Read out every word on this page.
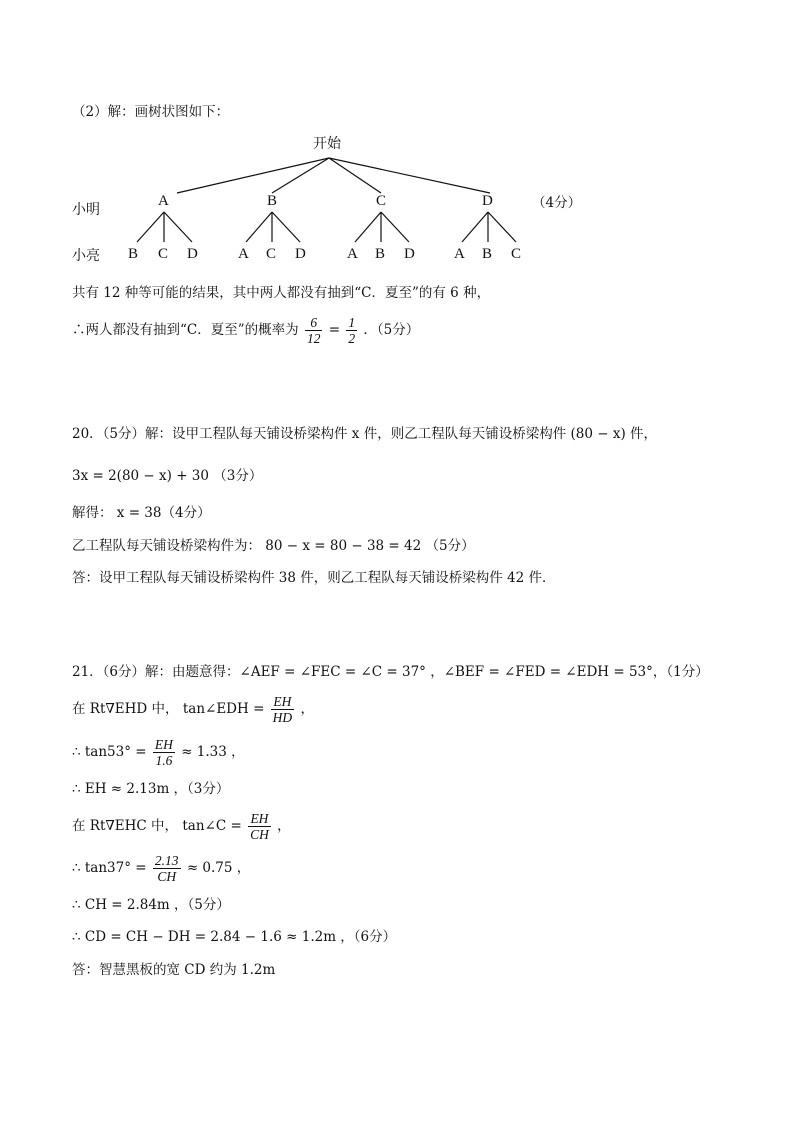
（2）解：画树状图如下：
开始
小明
小亮
A	B	C	D	（4分）
B C D	A C D	A B D	A B C
共有 12 种等可能的结果，其中两人都没有抽到“C．夏至”的有 6 种，
∴两人都没有抽到“C．夏至”的概率为 $\frac{6}{12} = \frac{1}{2}$ ．（5分）
20．（5分）解：设甲工程队每天铺设桥梁构件 x 件，则乙工程队每天铺设桥梁构件 (80 − x) 件，
3x = 2(80 − x) + 30 （3分）
解得： x = 38（4分）
乙工程队每天铺设桥梁构件为： 80 − x = 80 − 38 = 42 （5分）
答：设甲工程队每天铺设桥梁构件 38 件，则乙工程队每天铺设桥梁构件 42 件．
21．（6分）解：由题意得：∠AEF = ∠FEC = ∠C = 37° ，∠BEF = ∠FED = ∠EDH = 53°，（1分）
在 Rt∇EHD 中， tan∠EDH = $\frac{EH}{HD}$ ，
∴ $\tan 53^\circ = \frac{EH}{1.6} \approx 1.33$ ，
∴ EH ≈ 2.13m ，（3分）
在 Rt∇EHC 中， tan∠C = $\frac{EH}{CH}$ ，
∴ $\tan 37^\circ = \frac{2.13}{CH} \approx 0.75$ ，
∴ CH = 2.84m ，（5分）
∴ CD = CH − DH = 2.84 − 1.6 ≈ 1.2m ，（6分）
答：智慧黑板的宽 CD 约为 1.2m
